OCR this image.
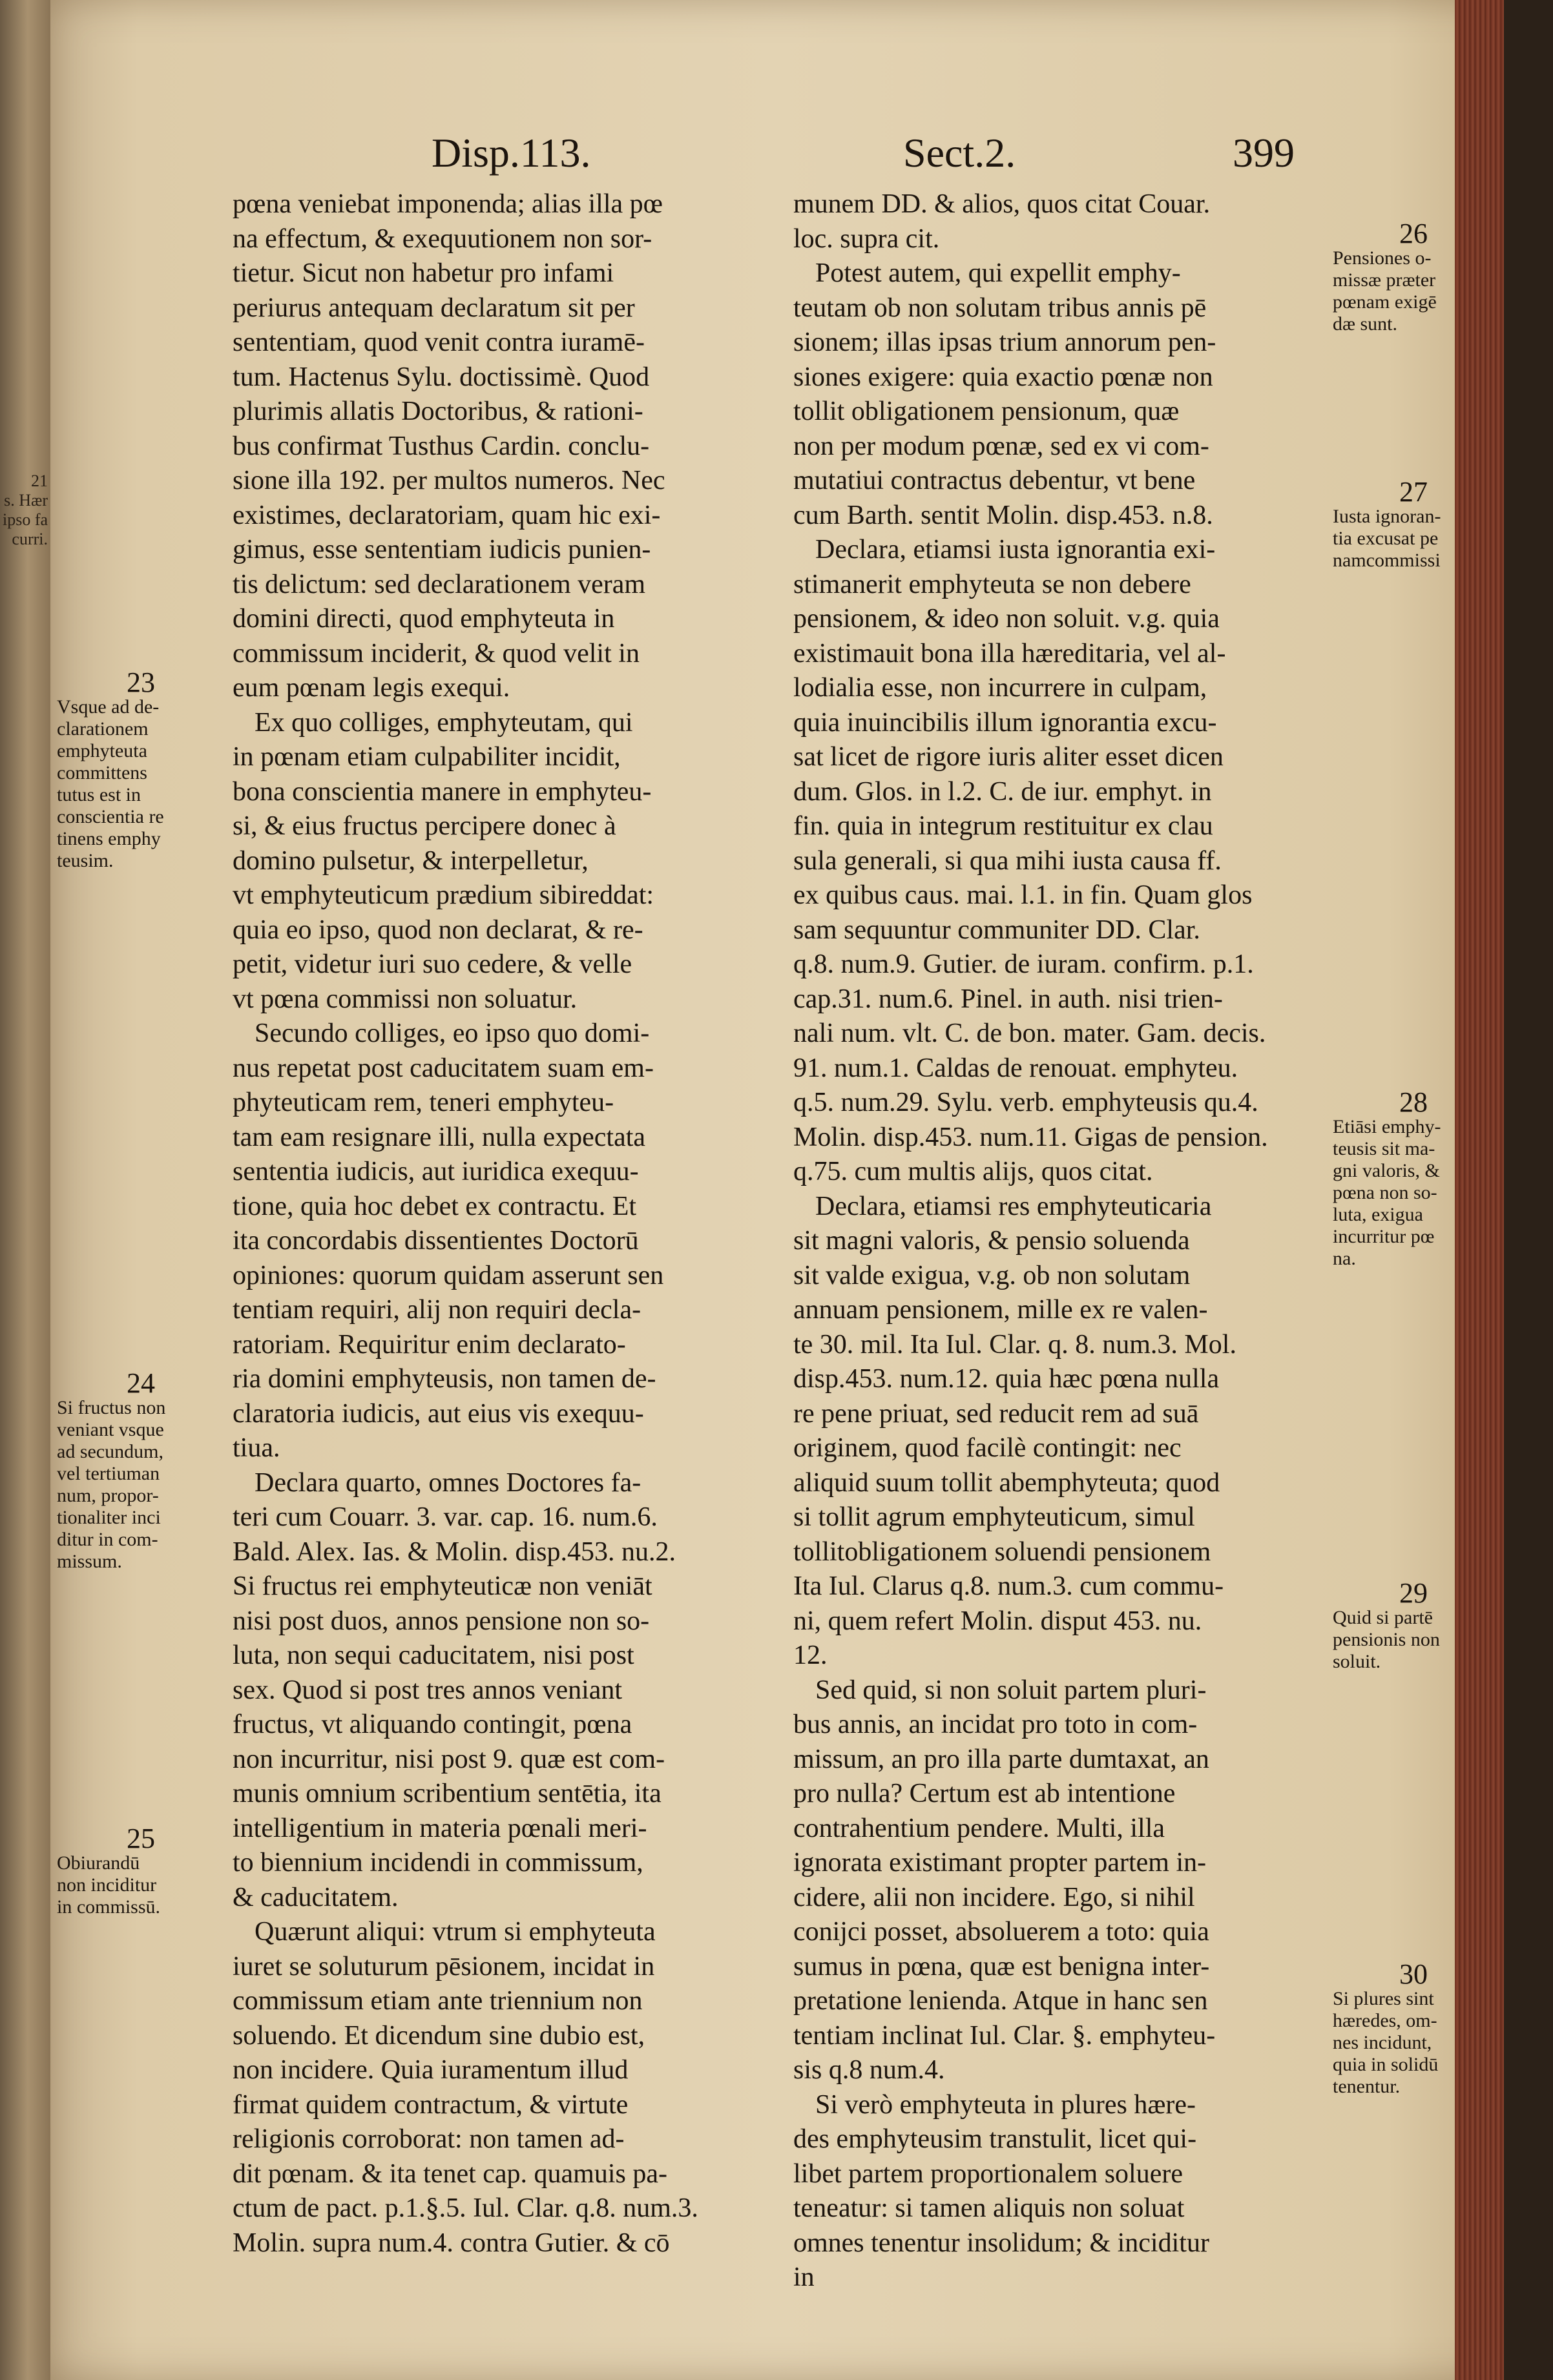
21
s. Hær
ipso fa
curri.
Disp.113.	Sect.2.	399
pœna veniebat imponenda; alias illa pœ
na effectum, & exequutionem non sor-
tietur. Sicut non habetur pro infami
periurus antequam declaratum sit per
sententiam, quod venit contra iuramē-
tum. Hactenus Sylu. doctissimè. Quod
plurimis allatis Doctoribus, & rationi-
bus confirmat Tusthus Cardin. conclu-
sione illa 192. per multos numeros. Nec
existimes, declaratoriam, quam hic exi-
gimus, esse sententiam iudicis punien-
tis delictum: sed declarationem veram
domini directi, quod emphyteuta in
commissum inciderit, & quod velit in
eum pœnam legis exequi.
Ex quo colliges, emphyteutam, qui
in pœnam etiam culpabiliter incidit,
bona conscientia manere in emphyteu-
si, & eius fructus percipere donec à
domino pulsetur, & interpelletur,
vt emphyteuticum prædium sibireddat:
quia eo ipso, quod non declarat, & re-
petit, videtur iuri suo cedere, & velle
vt pœna commissi non soluatur.
Secundo colliges, eo ipso quo domi-
nus repetat post caducitatem suam em-
phyteuticam rem, teneri emphyteu-
tam eam resignare illi, nulla expectata
sententia iudicis, aut iuridica exequu-
tione, quia hoc debet ex contractu. Et
ita concordabis dissentientes Doctorū
opiniones: quorum quidam asserunt sen
tentiam requiri, alij non requiri decla-
ratoriam. Requiritur enim declarato-
ria domini emphyteusis, non tamen de-
claratoria iudicis, aut eius vis exequu-
tiua.
Declara quarto, omnes Doctores fa-
teri cum Couarr. 3. var. cap. 16. num.6.
Bald. Alex. Ias. & Molin. disp.453. nu.2.
Si fructus rei emphyteuticæ non veniāt
nisi post duos, annos pensione non so-
luta, non sequi caducitatem, nisi post
sex. Quod si post tres annos veniant
fructus, vt aliquando contingit, pœna
non incurritur, nisi post 9. quæ est com-
munis omnium scribentium sentētia, ita
intelligentium in materia pœnali meri-
to biennium incidendi in commissum,
& caducitatem.
Quærunt aliqui: vtrum si emphyteuta
iuret se soluturum pēsionem, incidat in
commissum etiam ante triennium non
soluendo. Et dicendum sine dubio est,
non incidere. Quia iuramentum illud
firmat quidem contractum, & virtute
religionis corroborat: non tamen ad-
dit pœnam. & ita tenet cap. quamuis pa-
ctum de pact. p.1.§.5. Iul. Clar. q.8. num.3.
Molin. supra num.4. contra Gutier. & cō
munem DD. & alios, quos citat Couar.
loc. supra cit.
Potest autem, qui expellit emphy-
teutam ob non solutam tribus annis pē
sionem; illas ipsas trium annorum pen-
siones exigere: quia exactio pœnæ non
tollit obligationem pensionum, quæ
non per modum pœnæ, sed ex vi com-
mutatiui contractus debentur, vt bene
cum Barth. sentit Molin. disp.453. n.8.
Declara, etiamsi iusta ignorantia exi-
stimanerit emphyteuta se non debere
pensionem, & ideo non soluit. v.g. quia
existimauit bona illa hæreditaria, vel al-
lodialia esse, non incurrere in culpam,
quia inuincibilis illum ignorantia excu-
sat licet de rigore iuris aliter esset dicen
dum. Glos. in l.2. C. de iur. emphyt. in
fin. quia in integrum restituitur ex clau
sula generali, si qua mihi iusta causa ff.
ex quibus caus. mai. l.1. in fin. Quam glos
sam sequuntur communiter DD. Clar.
q.8. num.9. Gutier. de iuram. confirm. p.1.
cap.31. num.6. Pinel. in auth. nisi trien-
nali num. vlt. C. de bon. mater. Gam. decis.
91. num.1. Caldas de renouat. emphyteu.
q.5. num.29. Sylu. verb. emphyteusis qu.4.
Molin. disp.453. num.11. Gigas de pension.
q.75. cum multis alijs, quos citat.
Declara, etiamsi res emphyteuticaria
sit magni valoris, & pensio soluenda
sit valde exigua, v.g. ob non solutam
annuam pensionem, mille ex re valen-
te 30. mil. Ita Iul. Clar. q. 8. num.3. Mol.
disp.453. num.12. quia hæc pœna nulla
re pene priuat, sed reducit rem ad suā
originem, quod facilè contingit: nec
aliquid suum tollit abemphyteuta; quod
si tollit agrum emphyteuticum, simul
tollitobligationem soluendi pensionem
Ita Iul. Clarus q.8. num.3. cum commu-
ni, quem refert Molin. disput 453. nu.
12.
Sed quid, si non soluit partem pluri-
bus annis, an incidat pro toto in com-
missum, an pro illa parte dumtaxat, an
pro nulla? Certum est ab intentione
contrahentium pendere. Multi, illa
ignorata existimant propter partem in-
cidere, alii non incidere. Ego, si nihil
conijci posset, absoluerem a toto: quia
sumus in pœna, quæ est benigna inter-
pretatione lenienda. Atque in hanc sen
tentiam inclinat Iul. Clar. §. emphyteu-
sis q.8 num.4.
Si verò emphyteuta in plures hære-
des emphyteusim transtulit, licet qui-
libet partem proportionalem soluere
teneatur: si tamen aliquis non soluat
omnes tenentur insolidum; & inciditur
in
23
Vsque ad de-
clarationem
emphyteuta
committens
tutus est in
conscientia re
tinens emphy
teusim.
24
Si fructus non
veniant vsque
ad secundum,
vel tertiuman
num, propor-
tionaliter inci
ditur in com-
missum.
25
Obiurandū
non inciditur
in commissū.
26
Pensiones o-
missæ præter
pœnam exigē
dæ sunt.
27
Iusta ignoran-
tia excusat pe
namcommissi
28
Etiāsi emphy-
teusis sit ma-
gni valoris, &
pœna non so-
luta, exigua
incurritur pœ
na.
29
Quid si partē
pensionis non
soluit.
30
Si plures sint
hæredes, om-
nes incidunt,
quia in solidū
tenentur.
